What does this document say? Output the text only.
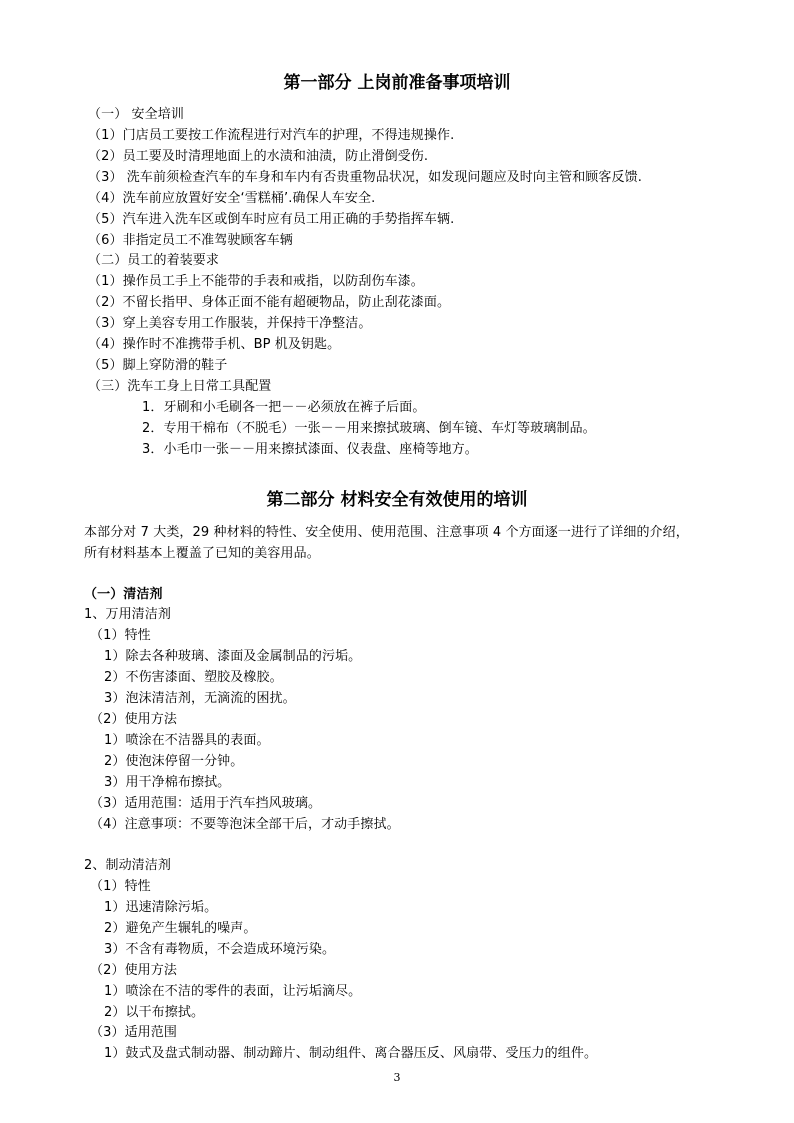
第一部分 上岗前准备事项培训
（一） 安全培训
（1）门店员工要按工作流程进行对汽车的护理，不得违规操作.
（2）员工要及时清理地面上的水渍和油渍，防止滑倒受伤.
（3） 洗车前须检查汽车的车身和车内有否贵重物品状况，如发现问题应及时向主管和顾客反馈.
（4）洗车前应放置好安全‘雪糕桶’.确保人车安全.
（5）汽车进入洗车区或倒车时应有员工用正确的手势指挥车辆.
（6）非指定员工不准驾驶顾客车辆
（二）员工的着装要求
（1）操作员工手上不能带的手表和戒指，以防刮伤车漆。
（2）不留长指甲、身体正面不能有超硬物品，防止刮花漆面。
（3）穿上美容专用工作服装，并保持干净整洁。
（4）操作时不准携带手机、BP 机及钥匙。
（5）脚上穿防滑的鞋子
（三）洗车工身上日常工具配置
1．牙刷和小毛刷各一把－－必须放在裤子后面。
2．专用干棉布（不脱毛）一张－－用来擦拭玻璃、倒车镜、车灯等玻璃制品。
3．小毛巾一张－－用来擦拭漆面、仪表盘、座椅等地方。
第二部分 材料安全有效使用的培训
本部分对 7 大类，29 种材料的特性、安全使用、使用范围、注意事项 4 个方面逐一进行了详细的介绍，
所有材料基本上覆盖了已知的美容用品。
（一）清洁剂
1、万用清洁剂
（1）特性
1）除去各种玻璃、漆面及金属制品的污垢。
2）不伤害漆面、塑胶及橡胶。
3）泡沫清洁剂，无滴流的困扰。
（2）使用方法
1）喷涂在不洁器具的表面。
2）使泡沫停留一分钟。
3）用干净棉布擦拭。
（3）适用范围：适用于汽车挡风玻璃。
（4）注意事项：不要等泡沫全部干后，才动手擦拭。
2、制动清洁剂
（1）特性
1）迅速清除污垢。
2）避免产生辗轧的噪声。
3）不含有毒物质，不会造成环境污染。
（2）使用方法
1）喷涂在不洁的零件的表面，让污垢滴尽。
2）以干布擦拭。
（3）适用范围
1）鼓式及盘式制动器、制动蹄片、制动组件、离合器压反、风扇带、受压力的组件。
3
